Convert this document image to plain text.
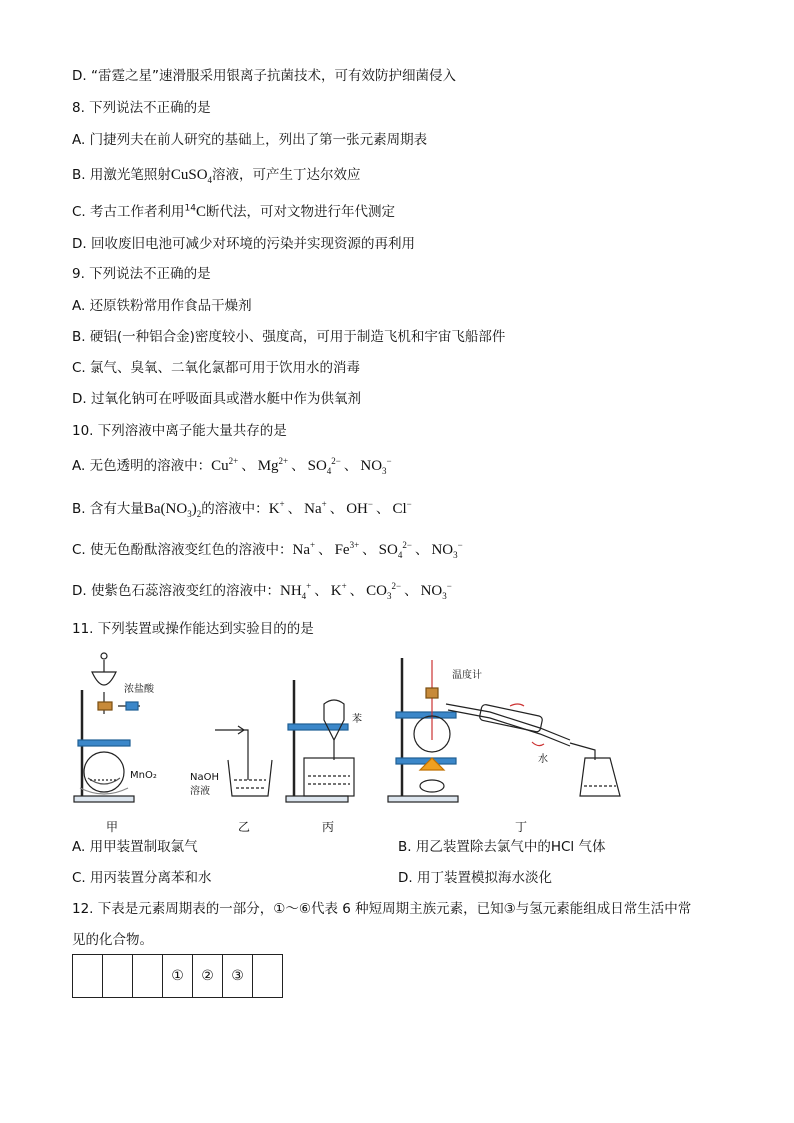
D. “雷霆之星”速滑服采用银离子抗菌技术，可有效防护细菌侵入
8. 下列说法不正确的是
A. 门捷列夫在前人研究的基础上，列出了第一张元素周期表
B. 用激光笔照射CuSO$_4$溶液，可产生丁达尔效应
C. 考古工作者利用$^{14}$C断代法，可对文物进行年代测定
D. 回收废旧电池可减少对环境的污染并实现资源的再利用
9. 下列说法不正确的是
A. 还原铁粉常用作食品干燥剂
B. 硬铝(一种铝合金)密度较小、强度高，可用于制造飞机和宇宙飞船部件
C. 氯气、臭氧、二氧化氯都可用于饮用水的消毒
D. 过氧化钠可在呼吸面具或潜水艇中作为供氧剂
10. 下列溶液中离子能大量共存的是
A. 无色透明的溶液中：$Cu^{2+}$ 、 $Mg^{2+}$ 、 $SO_4^{2-}$ 、 $NO_3^-$
B. 含有大量$Ba(NO_3)_2$的溶液中：K+ 、 Na+ 、 OH− 、 Cl−
C. 使无色酚酞溶液变红色的溶液中：Na+ 、 $Fe^{3+}$ 、 $SO_4^{2-}$ 、 $NO_3^-$
D. 使紫色石蕊溶液变红的溶液中：$NH_4^+$ 、 K+ 、 $CO_3^{2-}$ 、 $NO_3^-$
11. 下列装置或操作能达到实验目的的是
浓盐酸
MnO₂	NaOH
溶液
苯
温度计
水
甲	乙	丙	丁
A. 用甲装置制取氯气	B. 用乙装置除去氯气中的HCl 气体
C. 用丙装置分离苯和水	D. 用丁装置模拟海水淡化
12. 下表是元素周期表的一部分，①～⑥代表 6 种短周期主族元素，已知③与氢元素能组成日常生活中常
见的化合物。
			①	②	③	
